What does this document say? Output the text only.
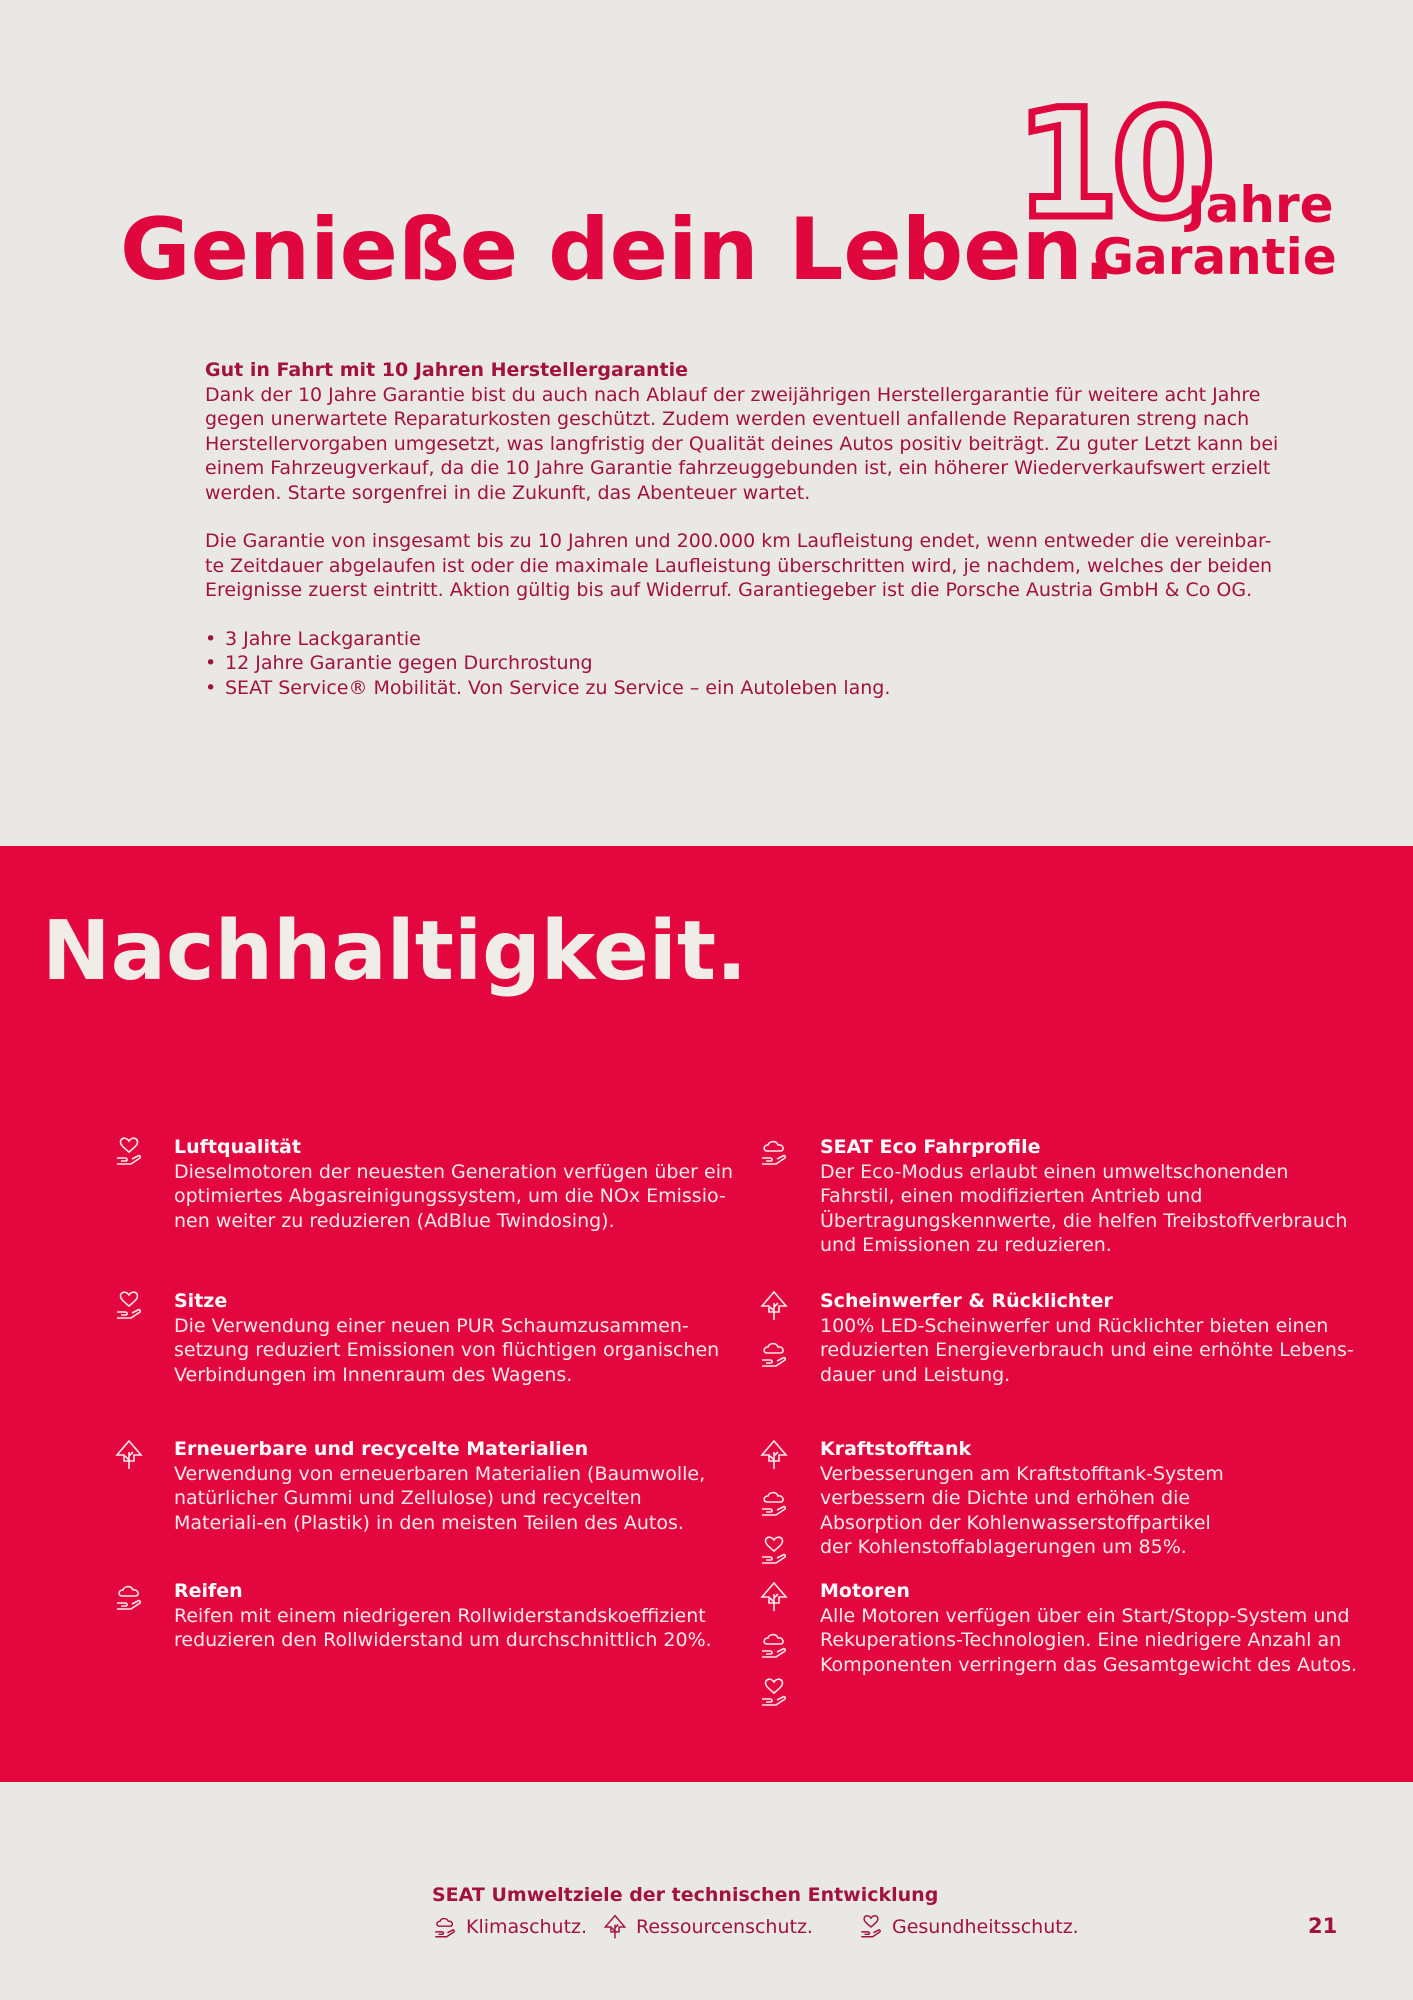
Genieße dein Leben.
10
Jahre
Garantie
Gut in Fahrt mit 10 Jahren Herstellergarantie

Dank der 10 Jahre Garantie bist du auch nach Ablauf der zweijährigen Herstellergarantie für weitere acht Jahre gegen unerwartete Reparaturkosten geschützt. Zudem werden eventuell anfallende Reparaturen streng nach Herstellervorgaben umgesetzt, was langfristig der Qualität deines Autos positiv beiträgt. Zu guter Letzt kann bei einem Fahrzeugverkauf, da die 10 Jahre Garantie fahrzeuggebunden ist, ein höherer Wiederverkaufswert erzielt werden. Starte sorgenfrei in die Zukunft, das Abenteuer wartet.

Die Garantie von insgesamt bis zu 10 Jahren und 200.000 km Laufleistung endet, wenn entweder die vereinbar-te Zeitdauer abgelaufen ist oder die maximale Laufleistung überschritten wird, je nachdem, welches der beiden Ereignisse zuerst eintritt. Aktion gültig bis auf Widerruf. Garantiegeber ist die Porsche Austria GmbH & Co OG.

• 3 Jahre Lackgarantie
• 12 Jahre Garantie gegen Durchrostung
• SEAT Service® Mobilität. Von Service zu Service – ein Autoleben lang.
Nachhaltigkeit.
Luftqualität

Dieselmotoren der neuesten Generation verfügen über ein optimiertes Abgasreinigungssystem, um die NOx Emissio-nen weiter zu reduzieren (AdBlue Twindosing).

SEAT Eco Fahrprofile

Der Eco-Modus erlaubt einen umweltschonenden Fahrstil, einen modifizierten Antrieb und Übertragungskennwerte, die helfen Treibstoffverbrauch und Emissionen zu reduzieren.

Sitze

Die Verwendung einer neuen PUR Schaumzusammen-setzung reduziert Emissionen von flüchtigen organischen Verbindungen im Innenraum des Wagens.

Scheinwerfer & Rücklichter

100% LED-Scheinwerfer und Rücklichter bieten einen reduzierten Energieverbrauch und eine erhöhte Lebens-dauer und Leistung.

Erneuerbare und recycelte Materialien

Verwendung von erneuerbaren Materialien (Baumwolle, natürlicher Gummi und Zellulose) und recycelten Materiali-en (Plastik) in den meisten Teilen des Autos.

Kraftstofftank

Verbesserungen am Kraftstofftank-System verbessern die Dichte und erhöhen die Absorption der Kohlenwasserstoffpartikel der Kohlenstoffablagerungen um 85%.

Reifen

Reifen mit einem niedrigeren Rollwiderstandskoeffizient reduzieren den Rollwiderstand um durchschnittlich 20%.

Motoren

Alle Motoren verfügen über ein Start/Stopp-System und Rekuperations-Technologien. Eine niedrigere Anzahl an Komponenten verringern das Gesamtgewicht des Autos.

SEAT Umweltziele der technischen Entwicklung
Klimaschutz.	Ressourcenschutz.	Gesundheitsschutz.	21
